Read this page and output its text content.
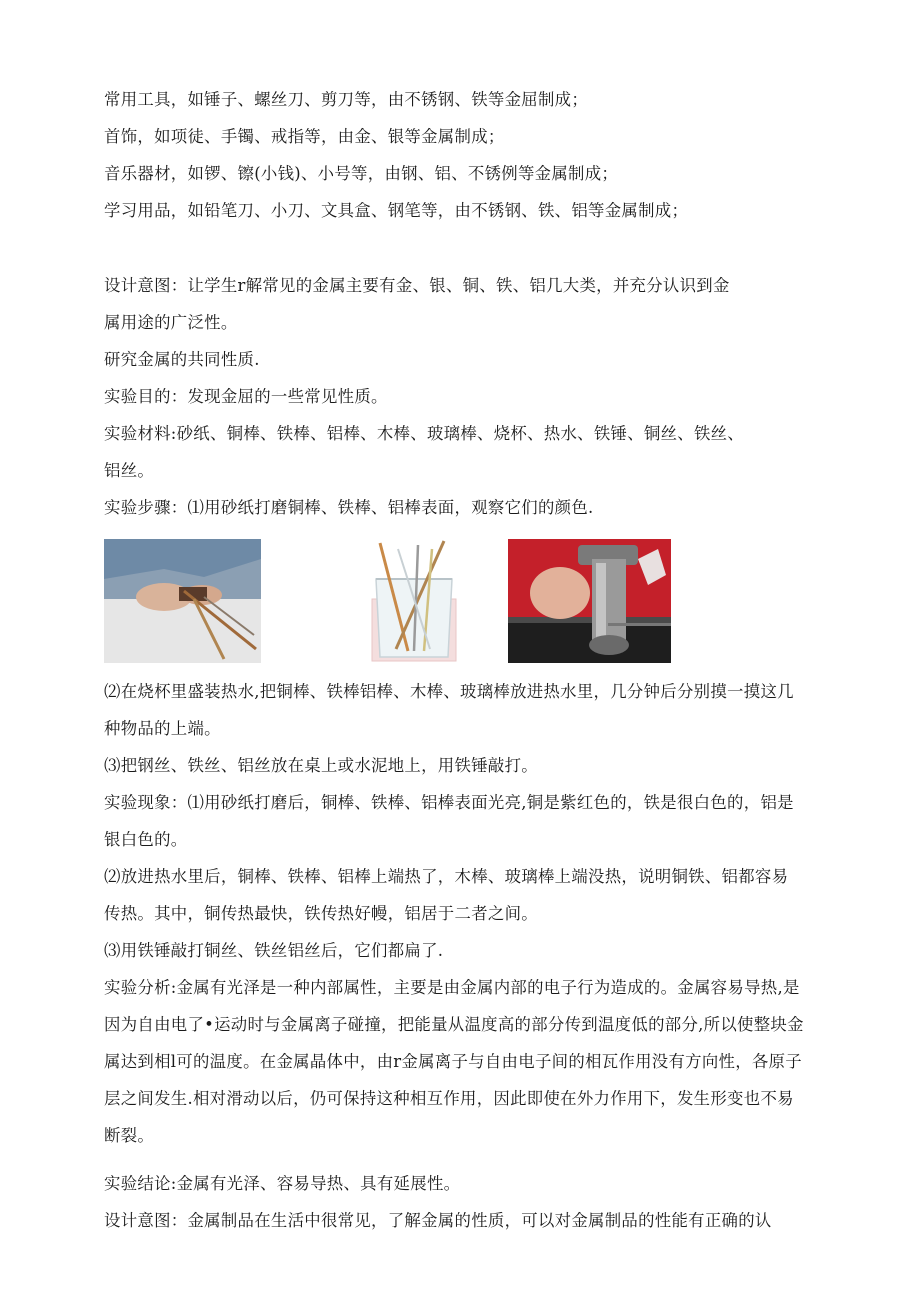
常用工具，如锤子、螺丝刀、剪刀等，由不锈钢、铁等金屈制成；
首饰，如项徒、手镯、戒指等，由金、银等金属制成；
音乐器材，如锣、镲(小钱)、小号等，由钢、铝、不锈例等金属制成；
学习用品，如铅笔刀、小刀、文具盒、钢笔等，由不锈钢、铁、铝等金属制成；
设计意图：让学生r解常见的金属主要有金、银、铜、铁、铝几大类，并充分认识到金
属用途的广泛性。
研究金属的共同性质.
实验目的：发现金屈的一些常见性质。
实验材料:砂纸、铜棒、铁棒、铝棒、木棒、玻璃棒、烧杯、热水、铁锤、铜丝、铁丝、
铝丝。
实验步骤：⑴用砂纸打磨铜棒、铁棒、铝棒表面，观察它们的颜色.
⑵在烧杯里盛装热水,把铜棒、铁棒铝棒、木棒、玻璃棒放进热水里，几分钟后分别摸一摸这几
种物品的上端。
⑶把钢丝、铁丝、铝丝放在桌上或水泥地上，用铁锤敲打。
实验现象：⑴用砂纸打磨后，铜棒、铁棒、铝棒表面光亮,铜是紫红色的，铁是很白色的，铝是
银白色的。
⑵放进热水里后，铜棒、铁棒、铝棒上端热了，木棒、玻璃棒上端没热，说明铜铁、铝都容易
传热。其中，铜传热最快，铁传热好幔，铝居于二者之间。
⑶用铁锤敲打铜丝、铁丝铝丝后，它们都扁了.
实验分析:金属有光泽是一种内部属性，主要是由金属内部的电子行为造成的。金属容易导热,是
因为自由电了•运动时与金属离子碰撞，把能量从温度高的部分传到温度低的部分,所以使整块金
属达到相l可的温度。在金属晶体中，由r金属离子与自由电子间的相瓦作用没有方向性，各原子
层之间发生.相对滑动以后，仍可保持这种相互作用，因此即使在外力作用下，发生形变也不易
断裂。
实验结论:金属有光泽、容易导热、具有延展性。
设计意图：金属制品在生活中很常见，了解金属的性质，可以对金属制品的性能有正确的认
